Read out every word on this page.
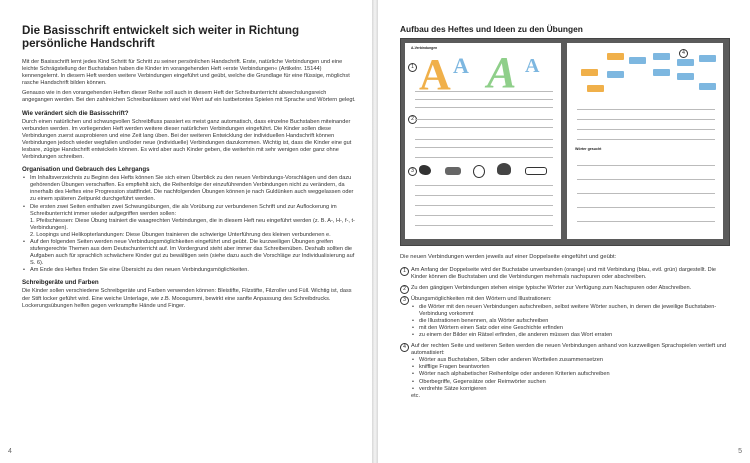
Die Basisschrift entwickelt sich weiter in Richtung persönliche Handschrift
Mit der Basisschrift lernt jedes Kind Schritt für Schritt zu seiner persönlichen Handschrift. Erste, natürliche Verbindungen und eine leichte Schrägstellung der Buchstaben haben die Kinder im vorangehenden Heft »erste Verbindungen« (Artikelnr. 15144) kennengelernt. In diesem Heft werden weitere Verbindungen eingeführt und geübt, welche die Grundlage für eine flüssige, möglichst rasche Handschrift bilden können.
Genauso wie in den vorangehenden Heften dieser Reihe soll auch in diesem Heft der Schreibunterricht abwechslungsreich angegangen werden. Bei den zahlreichen Schreibanlässen wird viel Wert auf ein lustbetontes Spielen mit Sprache und Wörtern gelegt.
Wie verändert sich die Basisschrift?
Durch einen natürlichen und schwungvollen Schreibfluss passiert es meist ganz automatisch, dass einzelne Buchstaben miteinander verbunden werden. Im vorliegenden Heft werden weitere dieser natürlichen Verbindungen eingeführt. Die Kinder sollen diese Verbindungen zuerst ausprobieren und eine Zeit lang üben. Bei der weiteren Entwicklung der individuellen Handschrift können Verbindungen jedoch wieder wegfallen und/oder neue (individuelle) Verbindungen dazukommen. Wichtig ist, dass die Kinder eine gut lesbare, zügige Handschrift entwickeln können. Es wird aber auch Kinder geben, die weiterhin mit sehr wenigen oder ganz ohne Verbindungen schreiben.
Organisation und Gebrauch des Lehrgangs
• Im Inhaltsverzeichnis zu Beginn des Hefts können Sie sich einen Überblick zu den neuen Verbindungs-Vorschlägen und den dazu gehörenden Übungen verschaffen. Es empfiehlt sich, die Reihenfolge der einzuführenden Verbindungen nicht zu verändern, da innerhalb des Heftes eine Progression stattfindet. Die nachfolgenden Übungen können je nach Guldünken auch weggelassen oder zu einem späteren Zeitpunkt durchgeführt werden.
• Die ersten zwei Seiten enthalten zwei Schwungübungen, die als Vorübung zur verbundenen Schrift und zur Auflockerung im Schreibunterricht immer wieder aufgegriffen werden sollen:
1. Pfeilschiessen: Diese Übung trainiert die waagrechten Verbindungen, die in diesem Heft neu eingeführt werden (z. B. A-, H-, f-, t-Verbindungen).
2. Loopings und Helikopterlandungen: Diese Übungen trainieren die schwierige Unterführung des kleinen verbundenen e.
• Auf den folgenden Seiten werden neue Verbindungsmöglichkeiten eingeführt und geübt. Die kurzweiligen Übungen greifen stufengerechte Themen aus dem Deutschunterricht auf. Im Vordergrund steht aber immer das Schreibenüben. Deshalb sollten die Aufgaben auch für sprachlich schwächere Kinder gut zu bewältigen sein (siehe dazu auch die Vorschläge zur Individualisierung auf S. 6).
• Am Ende des Heftes finden Sie eine Übersicht zu den neuen Verbindungsmöglichkeiten.
Schreibgeräte und Farben
Die Kinder sollen verschiedene Schreibgeräte und Farben verwenden können: Bleistifte, Filzstifte, Filzroller und Füll. Wichtig ist, dass der Stift locker geführt wird. Eine weiche Unterlage, wie z.B. Moosgummi, bewirkt eine sanfte Anpassung des Schreibdrucks. Lockerungsübungen helfen gegen verkrampfte Hände und Finger.
4
Aufbau des Heftes und Ideen zu den Übungen
A-Verbindungen
1 A A A A
2
3
4
Wörter gesucht
Die neuen Verbindungen werden jeweils auf einer Doppelseite eingeführt und geübt:
1 Am Anfang der Doppelseite wird der Buchstabe unverbunden (orange) und mit Verbindung (blau, evtl. grün) dargestellt. Die Kinder können die Buchstaben und die Verbindungen mehrmals nachspuren oder abschreiben.
2 Zu den gängigen Verbindungen stehen einige typische Wörter zur Verfügung zum Nachspuren oder Abschreiben.
3 Übungsmöglichkeiten mit den Wörtern und Illustrationen:
• die Wörter mit den neuen Verbindungen aufschreiben, selbst weitere Wörter suchen, in denen die jeweilige Buchstaben-Verbindung vorkommt
• die Illustrationen benennen, als Wörter aufschreiben
• mit den Wörtern einen Satz oder eine Geschichte erfinden
• zu einem der Bilder ein Rätsel erfinden, die anderen müssen das Wort erraten
4 Auf der rechten Seite und weiteren Seiten werden die neuen Verbindungen anhand von kurzweiligen Sprachspielen vertieft und automatisiert:
• Wörter aus Buchstaben, Silben oder anderen Wortteilen zusammensetzen
• knifflige Fragen beantworten
• Wörter nach alphabetischer Reihenfolge oder anderen Kriterien aufschreiben
• Oberbegriffe, Gegensätze oder Reimwörter suchen
• verdrehte Sätze korrigieren
etc.
5
